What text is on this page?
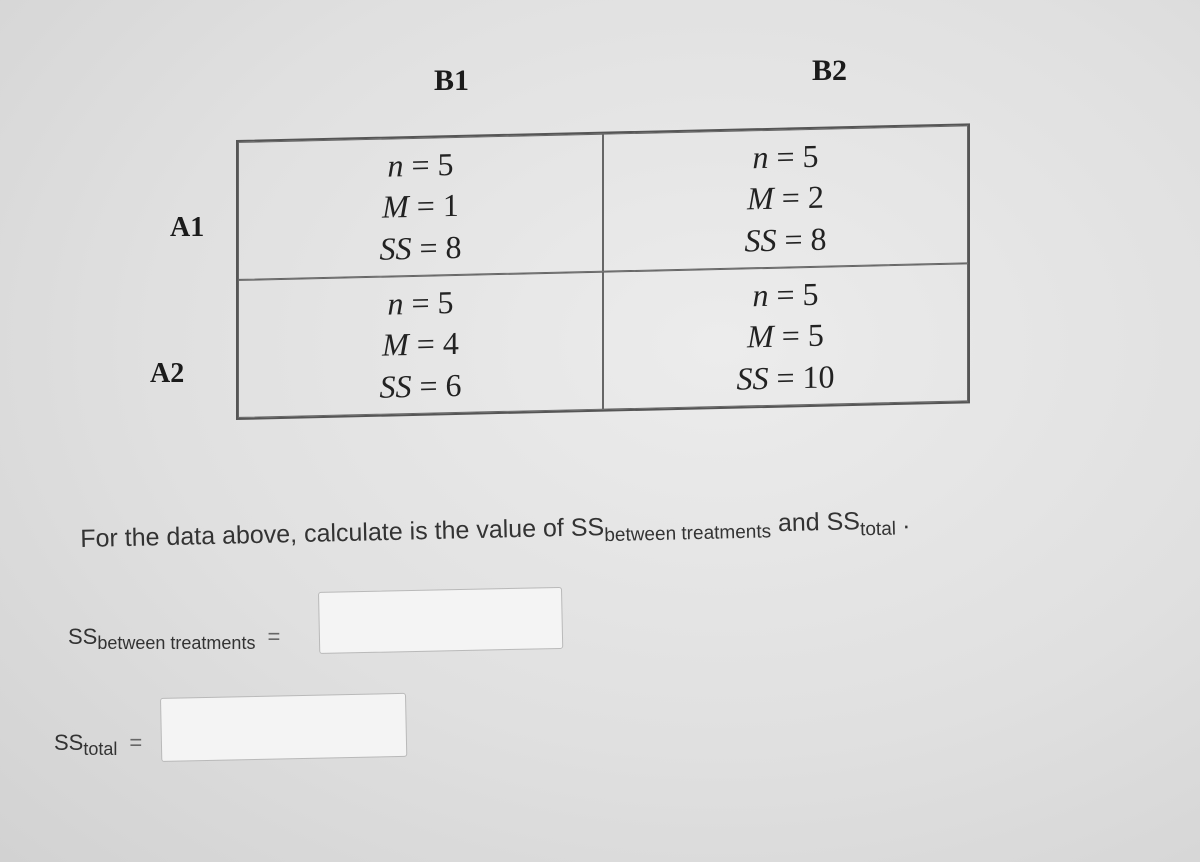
B1	B2
A1
A2
n = 5
M = 1
SS = 8
n = 5
M = 2
SS = 8
n = 5
M = 4
SS = 6
n = 5
M = 5
SS = 10
For the data above, calculate is the value of $SS_{between treatments}$ and $SS_{total}$ .
$SS_{between treatments}$ =
$SS_{total}$ =
